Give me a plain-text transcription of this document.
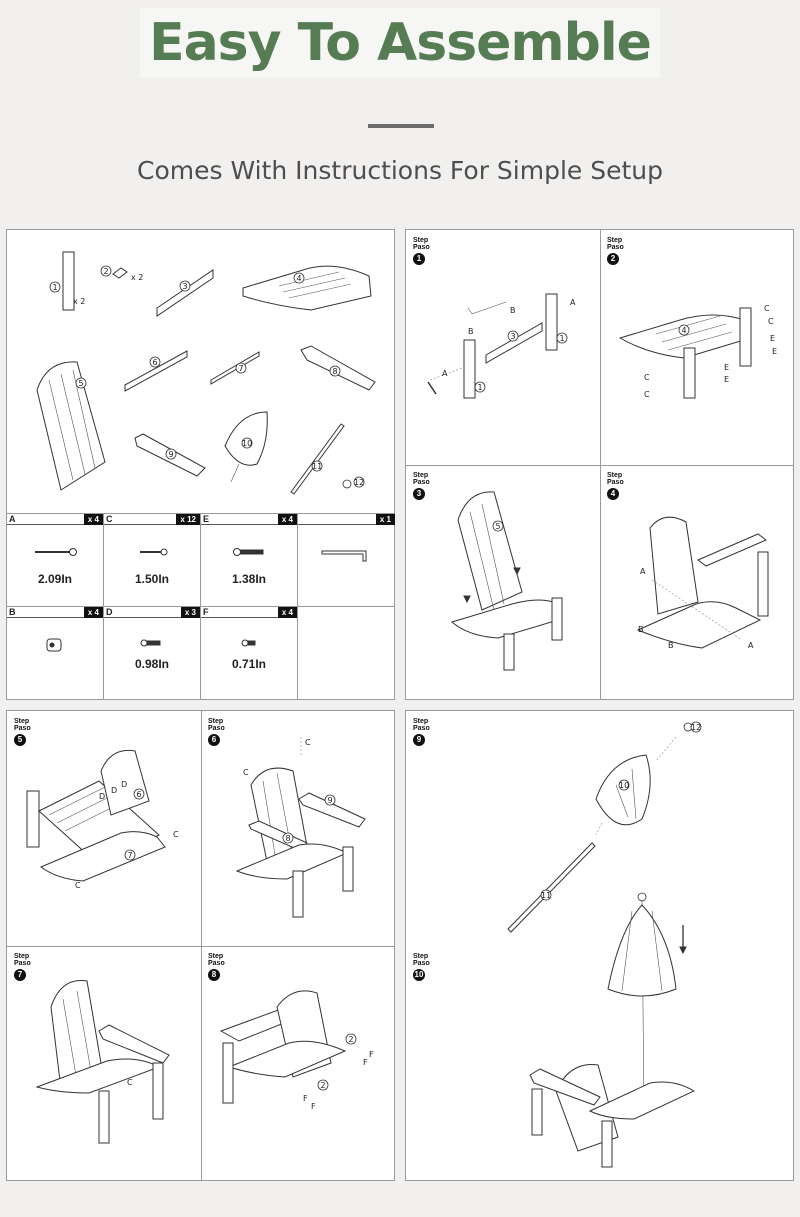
Easy To Assemble
Comes With Instructions For Simple Setup
1
x 2
2
x 2
3
4
5
6
7	8
9
10
11
12
A	x 4
2.09In
C	x 12
1.50In
E	x 4
1.38In
x 1
B	x 4 D	x 3
0.98In
F	x 4
0.71In
Step
Paso
1
Step
Paso
2
Step
Paso
3
Step
Paso
4
B
B
A
A
3	1
1
4
C
C
E
E
C
C
E
E
5
A
B
B	A
Step
Paso
5
Step
Paso
6
Step
Paso
7
Step
Paso
8
D
D
D
6
7
C
C
9
8
C
C
C
2
2
F
F
F
F
Step
Paso
9
Step
Paso
10
12
10
11
